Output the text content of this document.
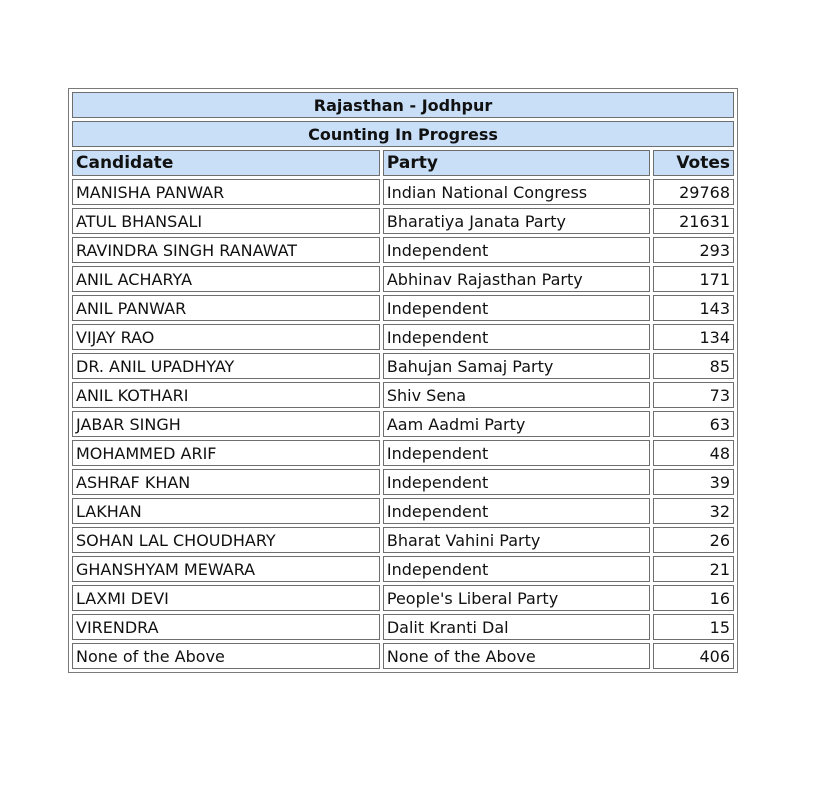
Rajasthan - Jodhpur		
Counting In Progress		
Candidate	Party	Votes
MANISHA PANWAR	Indian National Congress	29768
ATUL BHANSALI	Bharatiya Janata Party	21631
RAVINDRA SINGH RANAWAT	Independent	293
ANIL ACHARYA	Abhinav Rajasthan Party	171
ANIL PANWAR	Independent	143
VIJAY RAO	Independent	134
DR. ANIL UPADHYAY	Bahujan Samaj Party	85
ANIL KOTHARI	Shiv Sena	73
JABAR SINGH	Aam Aadmi Party	63
MOHAMMED ARIF	Independent	48
ASHRAF KHAN	Independent	39
LAKHAN	Independent	32
SOHAN LAL CHOUDHARY	Bharat Vahini Party	26
GHANSHYAM MEWARA	Independent	21
LAXMI DEVI	People's Liberal Party	16
VIRENDRA	Dalit Kranti Dal	15
None of the Above	None of the Above	406
